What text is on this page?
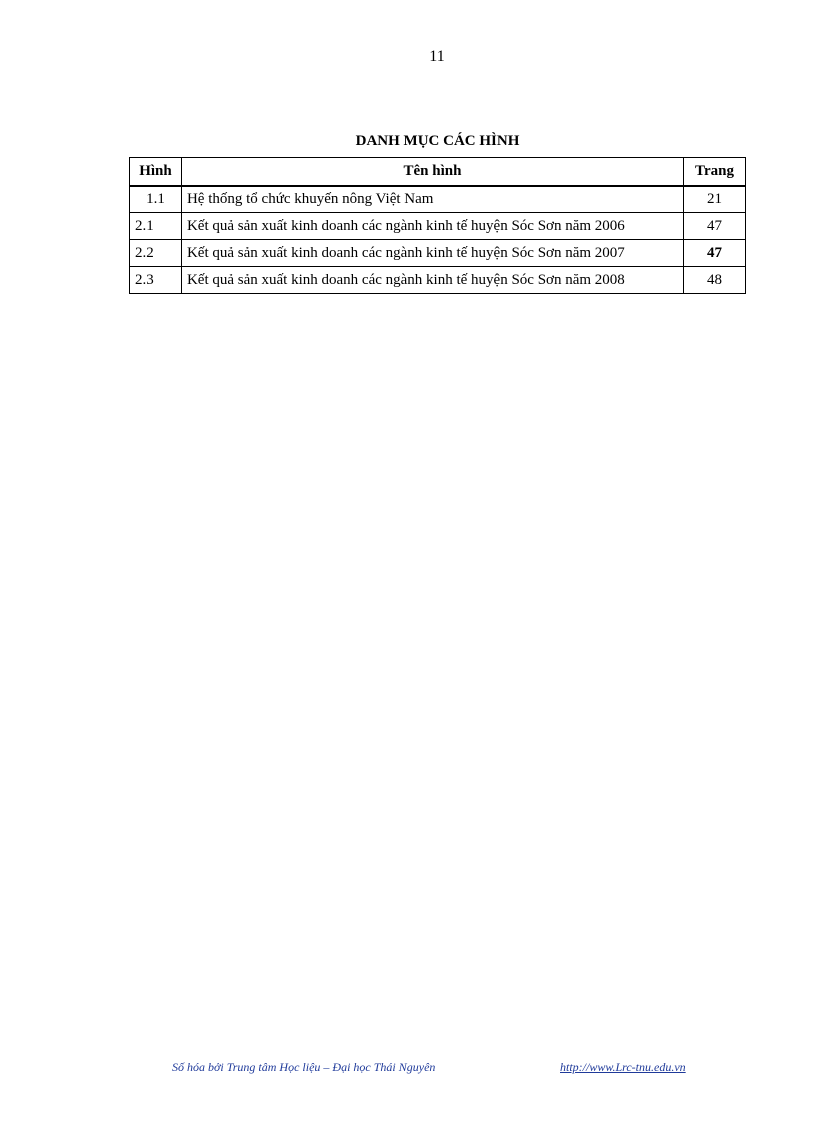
11
DANH MỤC CÁC HÌNH
Hình	Tên hình	Trang
1.1	Hệ thống tổ chức khuyến nông Việt Nam	21
2.1	Kết quả sản xuất kinh doanh các ngành kinh tế huyện Sóc Sơn năm 2006	47
2.2	Kết quả sản xuất kinh doanh các ngành kinh tế huyện Sóc Sơn năm 2007	47
2.3	Kết quả sản xuất kinh doanh các ngành kinh tế huyện Sóc Sơn năm 2008	48
Số hóa bởi Trung tâm Học liệu – Đại học Thái Nguyên	http://www.Lrc-tnu.edu.vn
